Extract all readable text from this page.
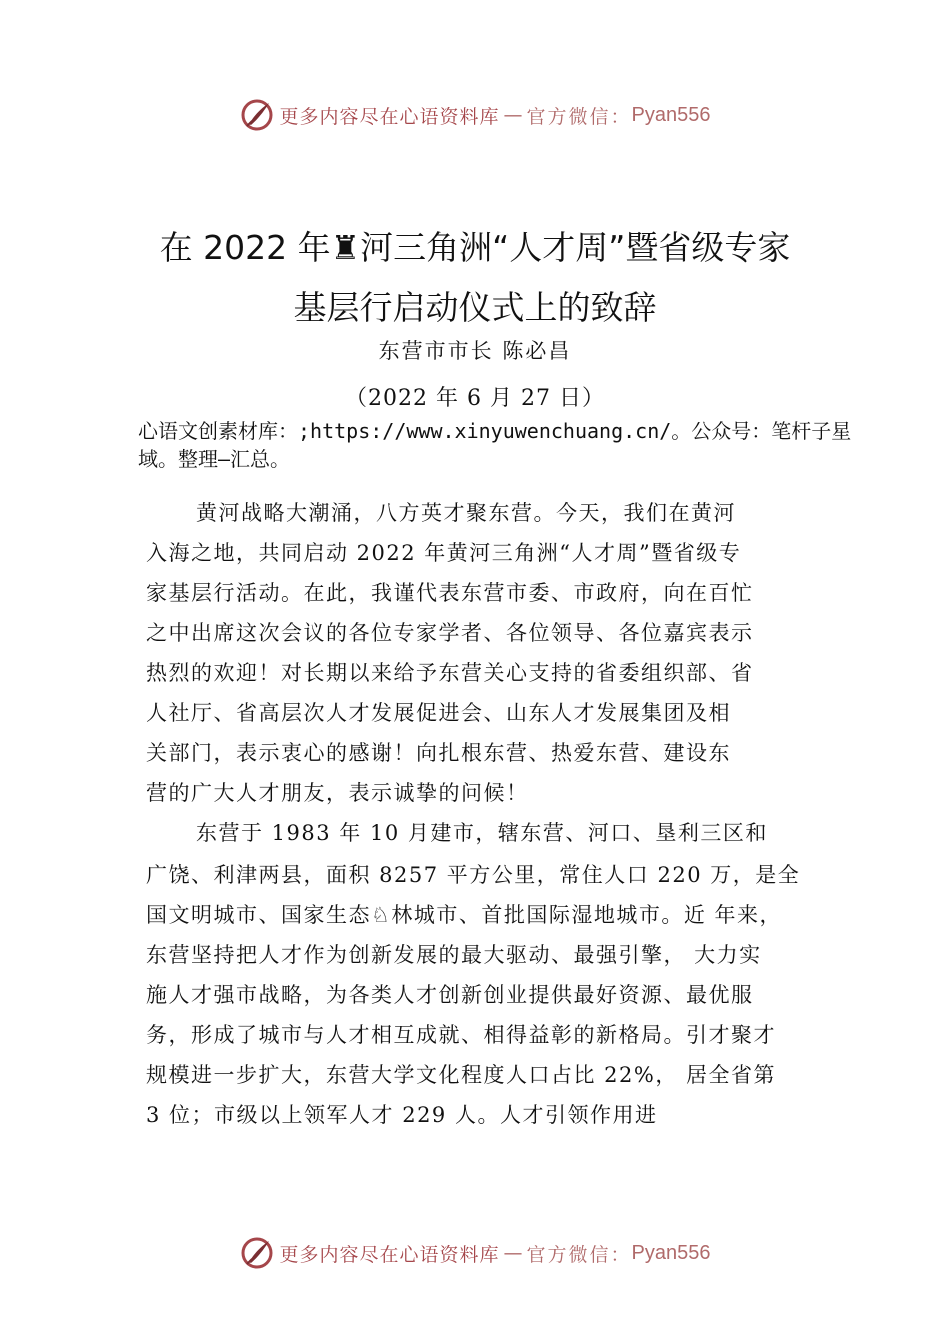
更多内容尽在心语资料库 — 官方微信： Pyan556
在 2022 年♜河三角洲“人才周”暨省级专家
基层行启动仪式上的致辞
东营市市长 陈必昌
（2022 年 6 月 27 日）
心语文创素材库：;https://www.xinyuwenchuang.cn/。公众号：笔杆子星域。整理—汇总。
黄河战略大潮涌，八方英才聚东营。今天，我们在黄河
入海之地，共同启动 2022 年黄河三角洲“人才周”暨省级专
家基层行活动。在此，我谨代表东营市委、市政府，向在百忙
之中出席这次会议的各位专家学者、各位领导、各位嘉宾表示
热烈的欢迎！对长期以来给予东营关心支持的省委组织部、省
人社厅、省高层次人才发展促进会、山东人才发展集团及相
关部门，表示衷心的感谢！向扎根东营、热爱东营、建设东
营的广大人才朋友，表示诚挚的问候！
东营于 1983 年 10 月建市，辖东营、河口、垦利三区和
广饶、利津两县，面积 8257 平方公里，常住人口 220 万，是全
国文明城市、国家生态♘林城市、首批国际湿地城市。近 年来，
东营坚持把人才作为创新发展的最大驱动、最强引擎， 大力实
施人才强市战略，为各类人才创新创业提供最好资源、最优服
务，形成了城市与人才相互成就、相得益彰的新格局。引才聚才
规模进一步扩大，东营大学文化程度人口占比 22%， 居全省第
3 位；市级以上领军人才 229 人。人才引领作用进
更多内容尽在心语资料库 — 官方微信： Pyan556
